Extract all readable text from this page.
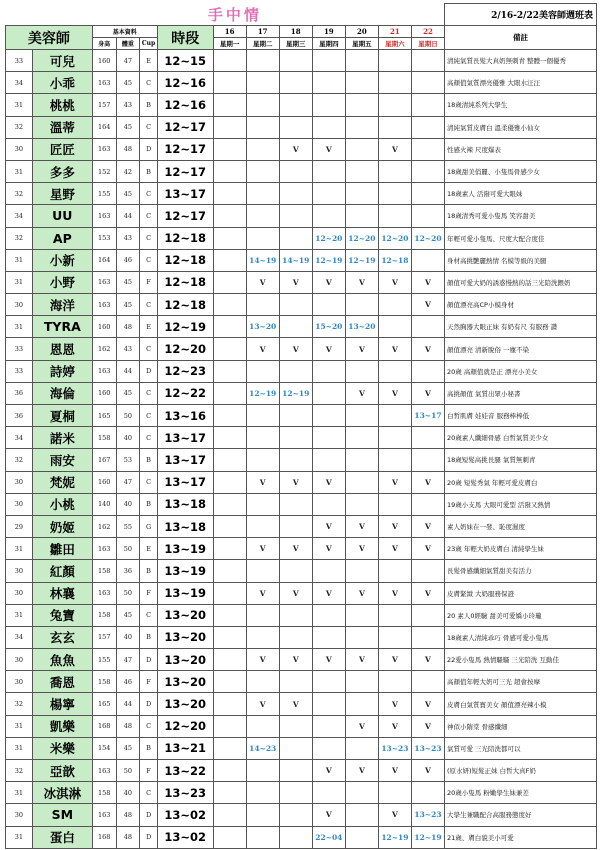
					手中情								2/16-2/22美容師週班表
美容師		基本資料			時段	16	17	18	19	20	21	22	備註
		身高	體重	Cup		星期一	星期二	星期三	星期四	星期五	星期六	星期日	
33	可兒	160	47	E	12~15								清純氣質長髮大真奶無刺青 整體一個優秀
34	小乖	163	45	C	12~16								高顏值氣質漂亮優雅 大眼水汪汪
31	桃桃	157	43	B	12~16								18歲清純系列大學生
32	溫蒂	164	45	C	12~17								清純氣質皮膚白 溫柔優雅小仙女
30	匠匠	163	48	D	12~17			V	V		V		性感火辣 尺度爆表
31	多多	152	42	B	12~17								18歲甜美俏麗、小隻馬骨感少女
32	星野	155	45	C	13~17								18歲素人 活潑可愛大眼妹
34	UU	163	44	C	12~17								18歲清秀可愛小隻馬 笑容甜美
32	AP	153	43	C	12~18				12~20	12~20	12~20	12~20	年輕可愛小隻馬、尺度大配合度佳
31	小新	164	46	C	12~18		14~19	14~19	12~19	12~19	12~18		身材高挑艷麗熱情 名模等級的美腿
31	小野	163	45	F	12~18		V	V	V	V	V	V	顏值可愛大奶的誘惑慢熱的話三光陪洗餵奶
30	海洋	163	45	C	12~18							V	顏值漂亮高CP小模身材
31	TYRA	160	48	E	12~19		13~20		15~20	13~20			天然胸器大眼正妹 有奶有尺 有服務 讚
33	恩恩	162	43	C	12~20		V	V	V	V	V	V	顏值漂亮 清新脫俗 一塵不染
33	詩婷	163	44	D	12~23								20歲 高顏值就是正 漂亮小美女
36	海倫	160	45	C	12~22		12~19	12~19		V	V	V	高挑顏值 氣質出眾小秘書
36	夏桐	165	50	C	13~16							13~17	白皙肌膚 娃娃音 服務棒棒低
34	諾米	158	40	C	13~17								20歲素人纖細骨感 白皙氣質美少女
32	雨安	167	53	B	13~17								18歲短髮高挑長腿 氣質無刺青
30	梵妮	160	47	C	13~17		V	V	V		V	V	20歲 短髮秀氣 年輕可愛皮膚白
30	小桃	140	40	B	13~18								19歲小支馬 大眼可愛型 活潑又熱情
29	奶姬	162	55	G	13~18				V	V	V	V	素人奶妹在一發、恥度濕度
31	雛田	163	50	E	13~19		V	V	V	V	V	V	23歲 年輕大奶皮膚白 清純學生妹
30	紅顏	158	36	B	13~19								長髮骨感纖細氣質甜美有活力
30	林襄	163	50	F	13~19		V	V	V	V	V	V	皮膚緊緻 大奶服務保證
31	兔寶	158	45	C	13~20								20 素人0經驗 甜美可愛嬌小玲瓏
34	玄玄	157	40	B	13~20								18歲素人清純乖巧 骨感可愛小隻馬
30	魚魚	155	47	D	13~20		V	V	V	V	V	V	22愛小隻馬 熱情騷騷 三光陪洗 互動佳
30	喬恩	158	46	F	13~20								高顏值年輕大奶可三光 超會按摩
32	楊寧	165	44	D	13~20		V	V			V	V	皮膚白氣質寶美女 顏值漂亮辣小模
31	凱樂	168	48	C	12~20					V	V	V	神似小隋棠 骨感纖細
31	米樂	154	45	B	13~21		14~23				13~23	13~23	氣質可愛 三光陪洗都可以
32	亞歆	163	50	F	13~22				V	V	V	V	(原水妍)短髮正妹 白皙大真F奶
31	冰淇淋	158	40	C	13~23								20歲小隻馬 粉嫩學生妹兼差
30	SM	163	48	D	13~02				V		V	13~23	大學生兼職配合高服務態度好
31	蛋白	168	48	D	13~02				22~04		12~19	12~19	21歲、膚白貌美小可愛
